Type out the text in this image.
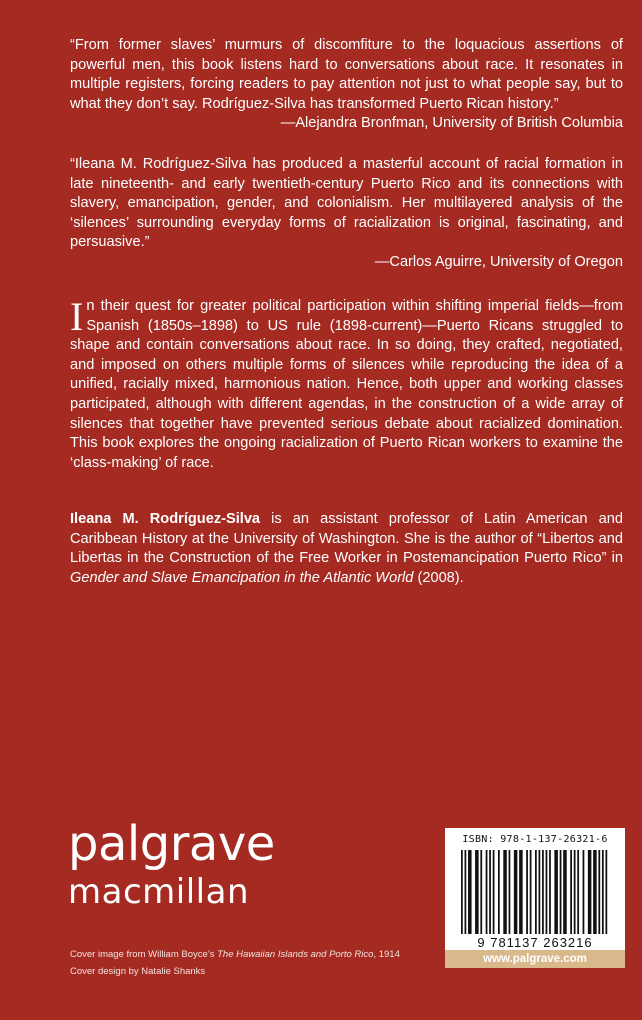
“From former slaves’ murmurs of discomfiture to the loquacious assertions of powerful men, this book listens hard to conversations about race. It resonates in multiple registers, forcing readers to pay attention not just to what people say, but to what they don’t say. Rodríguez-Silva has transformed Puerto Rican history.”
—Alejandra Bronfman, University of British Columbia
“Ileana M. Rodríguez-Silva has produced a masterful account of racial formation in late nineteenth- and early twentieth-century Puerto Rico and its connections with slavery, emancipation, gender, and colonialism. Her multilayered analysis of the ‘silences’ surrounding everyday forms of racialization is original, fascinating, and persuasive.”
—Carlos Aguirre, University of Oregon
In their quest for greater political participation within shifting imperial fields—from Spanish (1850s–1898) to US rule (1898-current)—Puerto Ricans struggled to shape and contain conversations about race. In so doing, they crafted, negotiated, and imposed on others multiple forms of silences while reproducing the idea of a unified, racially mixed, harmonious nation. Hence, both upper and working classes participated, although with different agendas, in the construction of a wide array of silences that together have prevented serious debate about racialized domination. This book explores the ongoing racialization of Puerto Rican workers to examine the ‘class-making’ of race.
Ileana M. Rodríguez-Silva is an assistant professor of Latin American and Caribbean History at the University of Washington. She is the author of “Libertos and Libertas in the Construction of the Free Worker in Postemancipation Puerto Rico” in Gender and Slave Emancipation in the Atlantic World (2008).
palgrave
macmillan
Cover image from William Boyce’s The Hawaiian Islands and Porto Rico, 1914
Cover design by Natalie Shanks
ISBN: 978-1-137-26321-6
9 781137 263216
www.palgrave.com
